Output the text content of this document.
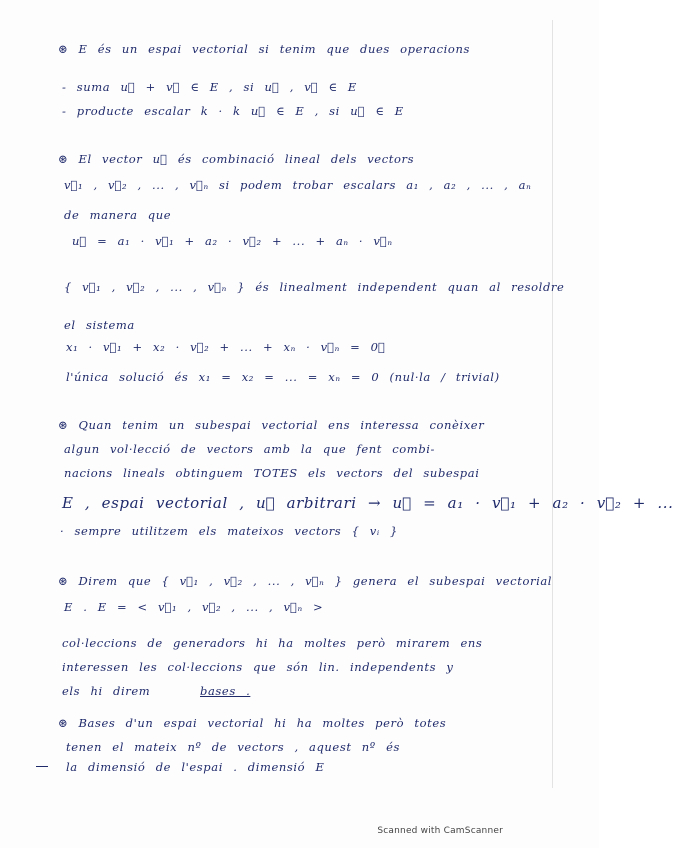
⊛ E és un espai vectorial si tenim que dues operacions
- suma u⃗ + v⃗ ∈ E , si u⃗ , v⃗ ∈ E
- producte escalar k · k u⃗ ∈ E , si u⃗ ∈ E
⊛ El vector u⃗ és combinació lineal dels vectors
v⃗₁ , v⃗₂ , ... , v⃗ₙ si podem trobar escalars a₁ , a₂ , ... , aₙ
de manera que
u⃗ = a₁ · v⃗₁ + a₂ · v⃗₂ + ... + aₙ · v⃗ₙ
{ v⃗₁ , v⃗₂ , ... , v⃗ₙ } és linealment independent quan al resoldre
el sistema
x₁ · v⃗₁ + x₂ · v⃗₂ + ... + xₙ · v⃗ₙ = 0⃗
l'única solució és x₁ = x₂ = ... = xₙ = 0 (nul·la / trivial)
⊛ Quan tenim un subespai vectorial ens interessa conèixer
algun vol·lecció de vectors amb la que fent combi-
nacions lineals obtinguem TOTES els vectors del subespai
E , espai vectorial , u⃗ arbitrari → u⃗ = a₁ · v⃗₁ + a₂ · v⃗₂ + ...
· sempre utilitzem els mateixos vectors { vᵢ }
⊛ Direm que { v⃗₁ , v⃗₂ , ... , v⃗ₙ } genera el subespai vectorial
E . E = < v⃗₁ , v⃗₂ , ... , v⃗ₙ >
col·leccions de generadors hi ha moltes però mirarem ens
interessen les col·leccions que són lin. independents y
els hi direm	bases .
⊛ Bases d'un espai vectorial hi ha moltes però totes
tenen el mateix nº de vectors , aquest nº és
la dimensió de l'espai . dimensió E
Scanned with CamScanner
